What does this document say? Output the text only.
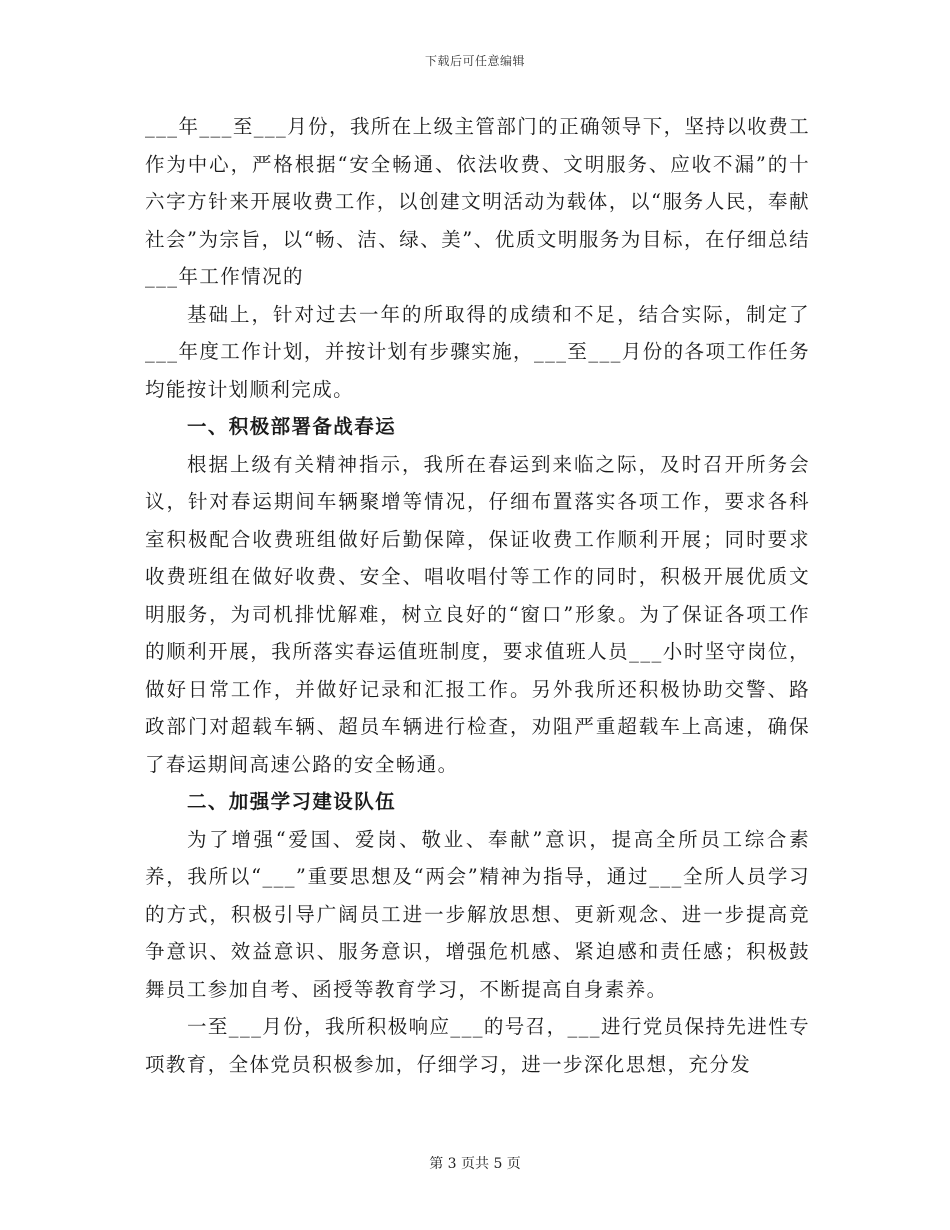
下载后可任意编辑

___年___至___月份，我所在上级主管部门的正确领导下，坚持以收费工作为中心，严格根据“安全畅通、依法收费、文明服务、应收不漏”的十六字方针来开展收费工作，以创建文明活动为载体，以“服务人民，奉献社会”为宗旨，以“畅、洁、绿、美”、优质文明服务为目标，在仔细总结___年工作情况的

基础上，针对过去一年的所取得的成绩和不足，结合实际，制定了___年度工作计划，并按计划有步骤实施，___至___月份的各项工作任务均能按计划顺利完成。

一、积极部署备战春运

根据上级有关精神指示，我所在春运到来临之际，及时召开所务会议，针对春运期间车辆聚增等情况，仔细布置落实各项工作，要求各科室积极配合收费班组做好后勤保障，保证收费工作顺利开展；同时要求收费班组在做好收费、安全、唱收唱付等工作的同时，积极开展优质文明服务，为司机排忧解难，树立良好的“窗口”形象。为了保证各项工作的顺利开展，我所落实春运值班制度，要求值班人员___小时坚守岗位，做好日常工作，并做好记录和汇报工作。另外我所还积极协助交警、路政部门对超载车辆、超员车辆进行检查，劝阻严重超载车上高速，确保了春运期间高速公路的安全畅通。

二、加强学习建设队伍

为了增强“爱国、爱岗、敬业、奉献”意识，提高全所员工综合素养，我所以“___”重要思想及“两会”精神为指导，通过___全所人员学习的方式，积极引导广阔员工进一步解放思想、更新观念、进一步提高竞争意识、效益意识、服务意识，增强危机感、紧迫感和责任感；积极鼓舞员工参加自考、函授等教育学习，不断提高自身素养。

一至___月份，我所积极响应___的号召，___进行党员保持先进性专项教育，全体党员积极参加，仔细学习，进一步深化思想，充分发

第 3 页共 5 页
